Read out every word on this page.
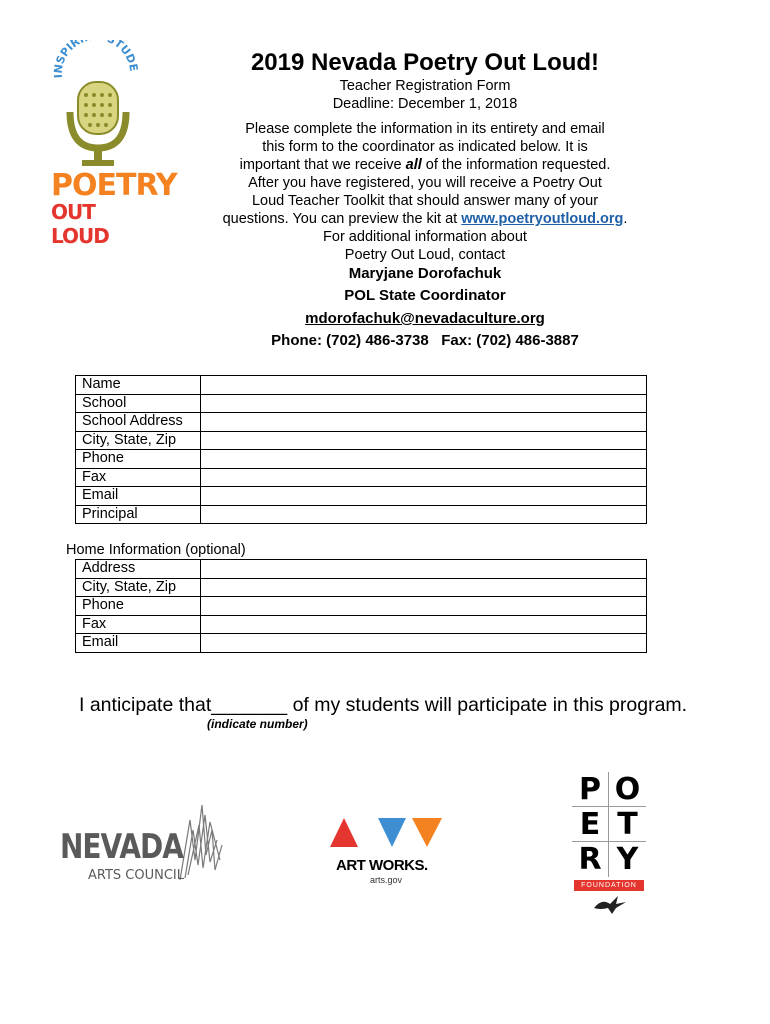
INSPIR TUDE
POETRY
OUT LOUD
2019 Nevada Poetry Out Loud!
Teacher Registration Form
Deadline: December 1, 2018
Please complete the information in its entirety and email
this form to the coordinator as indicated below. It is
important that we receive all of the information requested.
After you have registered, you will receive a Poetry Out
Loud Teacher Toolkit that should answer many of your
questions. You can preview the kit at www.poetryoutloud.org.
For additional information about
Poetry Out Loud, contact
Maryjane Dorofachuk
POL State Coordinator
mdorofachuk@nevadaculture.org
Phone: (702) 486-3738   Fax: (702) 486-3887
Name	
School	
School Address	
City, State, Zip	
Phone	
Fax	
Email	
Principal	
Home Information (optional)
Address	
City, State, Zip	
Phone	
Fax	
Email	
I anticipate that_______ of my students will participate in this program.
(indicate number)
NEVADA
ARTS COUNCIL
ART WORKS.
arts.gov
P O
E T
R Y
FOUNDATION
